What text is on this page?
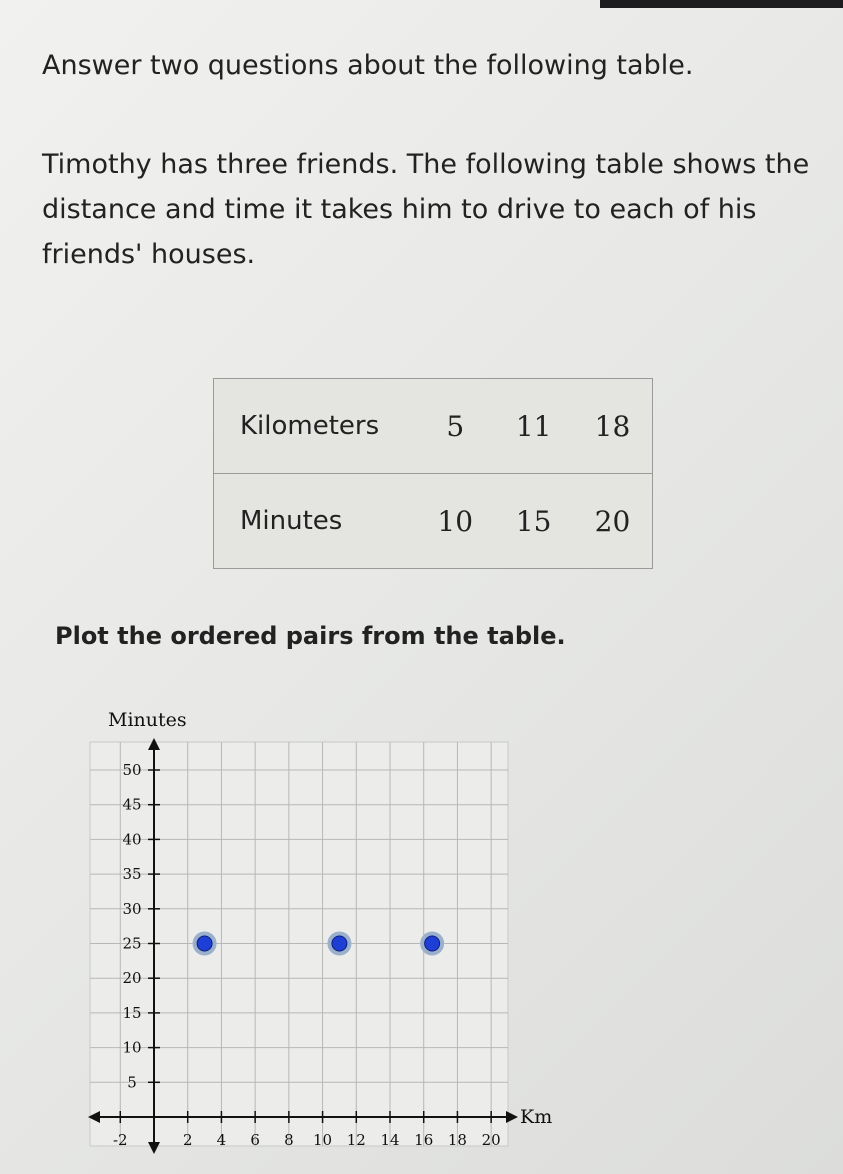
Answer two questions about the following table.

Timothy has three friends. The following table shows the distance and time it takes him to drive to each of his friends' houses.

Kilometers	5	11	18
Minutes	10	15	20

Plot the ordered pairs from the table.

-2	2 4 6 8 10 12 14 16 18 20
5
10
15
20
25
30
35
40
45
50
Minutes
Km
